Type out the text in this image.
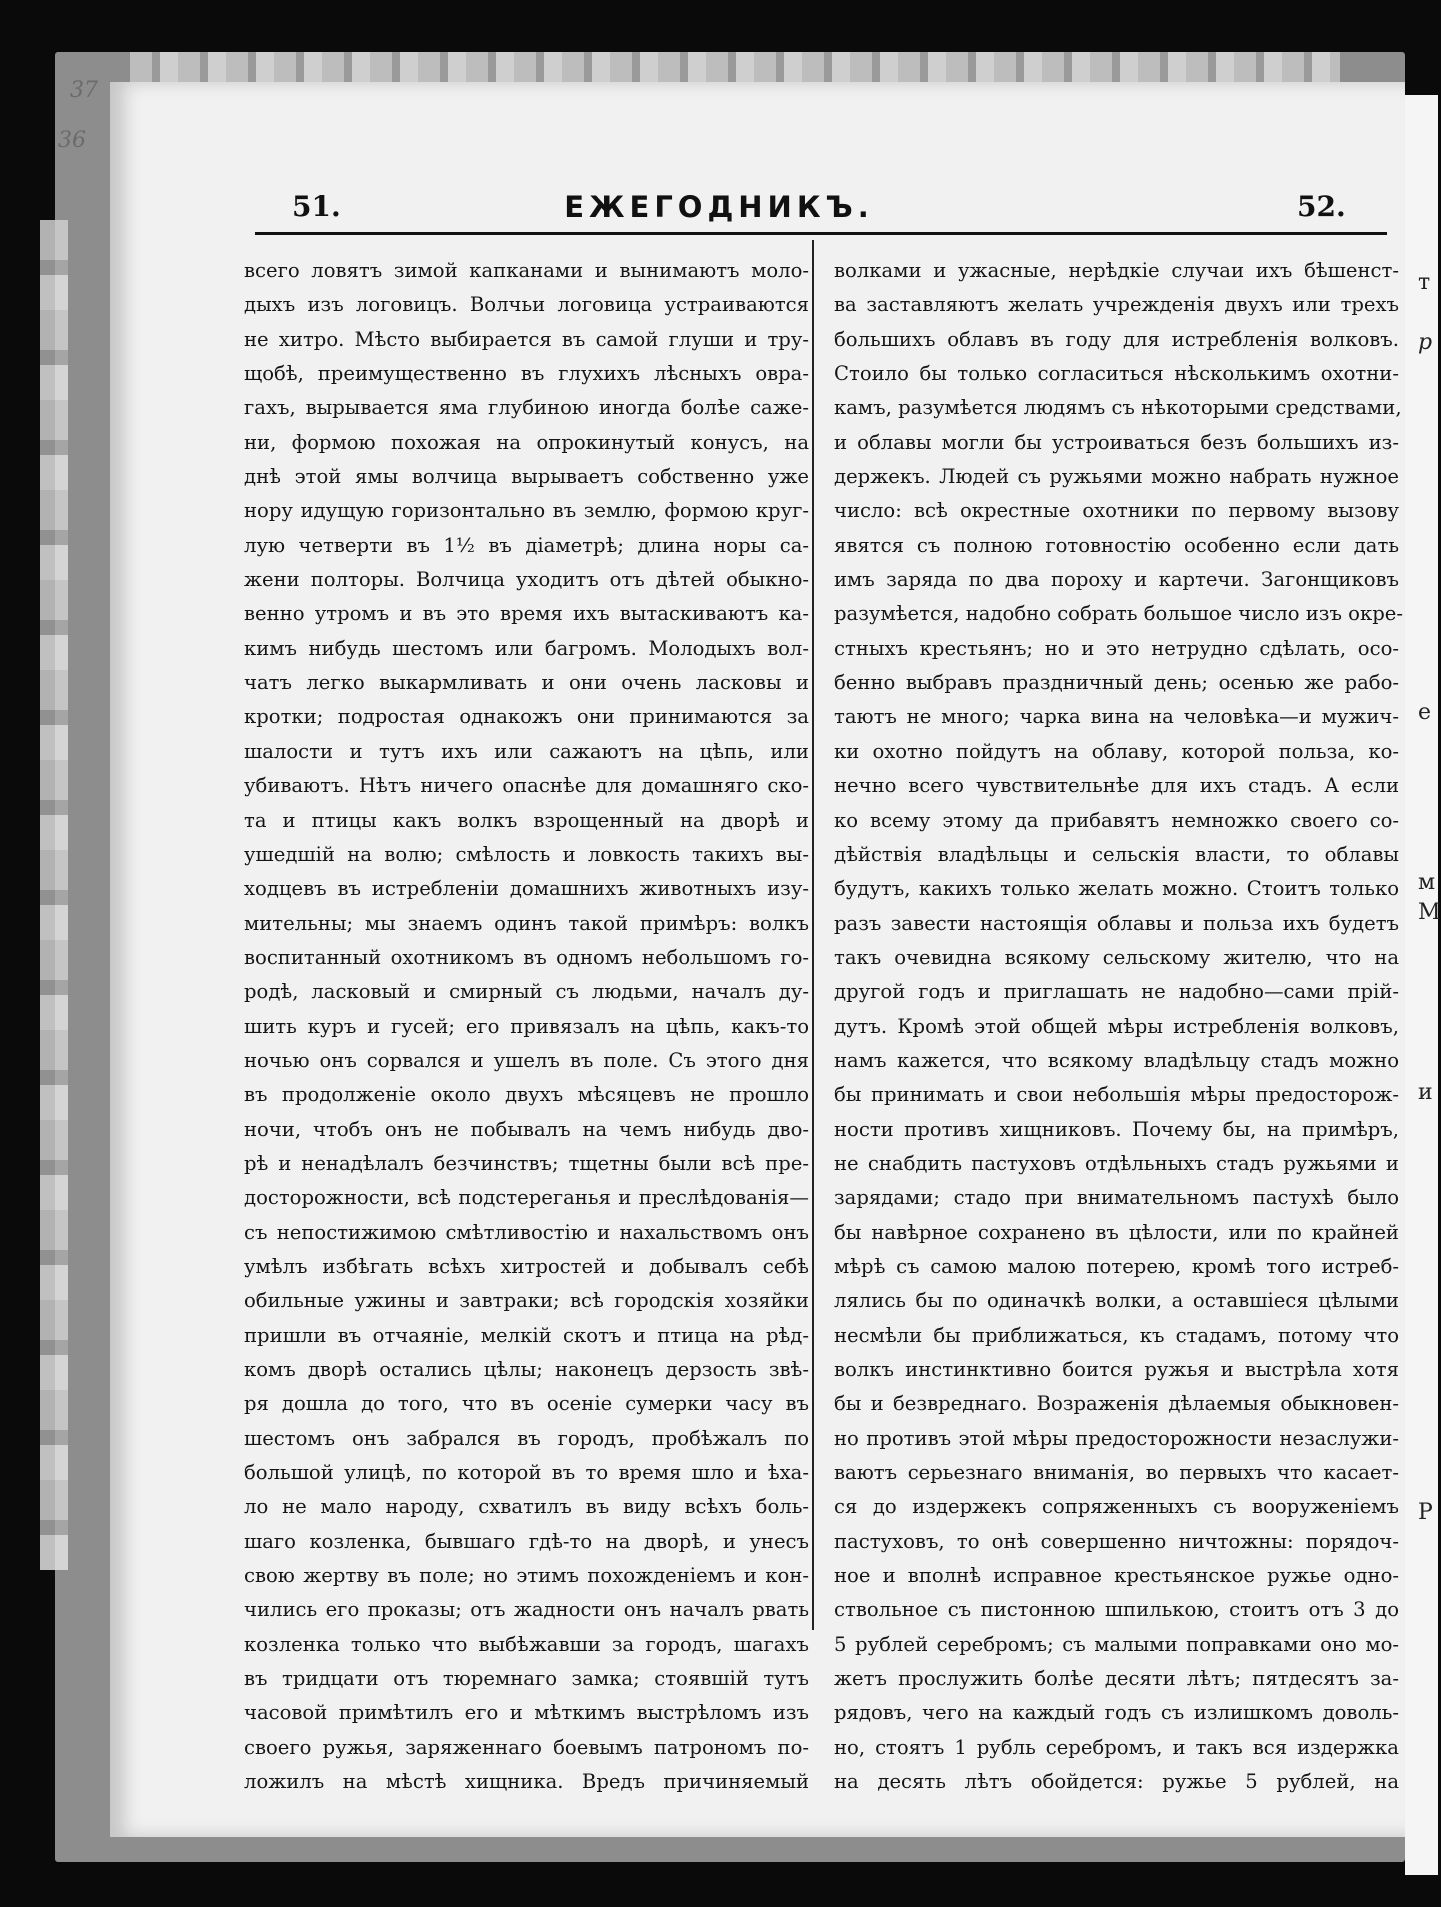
т
р
е
м
М
и
Р
37
36
51.	ЕЖЕГОДНИКЪ.	52.
всего ловятъ зимой капканами и вынимаютъ моло-
дыхъ изъ логовицъ. Волчьи логовица устраиваются
не хитро. Мѣсто выбирается въ самой глуши и тру-
щобѣ, преимущественно въ глухихъ лѣсныхъ овра-
гахъ, вырывается яма глубиною иногда болѣе саже-
ни, формою похожая на опрокинутый конусъ, на
днѣ этой ямы волчица вырываетъ собственно уже
нору идущую горизонтально въ землю, формою круг-
лую четверти въ 1½ въ діаметрѣ; длина норы са-
жени полторы. Волчица уходитъ отъ дѣтей обыкно-
венно утромъ и въ это время ихъ вытаскиваютъ ка-
кимъ нибудь шестомъ или багромъ. Молодыхъ вол-
чатъ легко выкармливать и они очень ласковы и
кротки; подростая однакожъ они принимаются за
шалости и тутъ ихъ или сажаютъ на цѣпь, или
убиваютъ. Нѣтъ ничего опаснѣе для домашняго ско-
та и птицы какъ волкъ взрощенный на дворѣ и
ушедшій на волю; смѣлость и ловкость такихъ вы-
ходцевъ въ истребленіи домашнихъ животныхъ изу-
мительны; мы знаемъ одинъ такой примѣръ: волкъ
воспитанный охотникомъ въ одномъ небольшомъ го-
родѣ, ласковый и смирный съ людьми, началъ ду-
шить куръ и гусей; его привязалъ на цѣпь, какъ-то
ночью онъ сорвался и ушелъ въ поле. Съ этого дня
въ продолженіе около двухъ мѣсяцевъ не прошло
ночи, чтобъ онъ не побывалъ на чемъ нибудь дво-
рѣ и ненадѣлалъ безчинствъ; тщетны были всѣ пре-
досторожности, всѣ подстереганья и преслѣдованія—
съ непостижимою смѣтливостію и нахальствомъ онъ
умѣлъ избѣгать всѣхъ хитростей и добывалъ себѣ
обильные ужины и завтраки; всѣ городскія хозяйки
пришли въ отчаяніе, мелкій скотъ и птица на рѣд-
комъ дворѣ остались цѣлы; наконецъ дерзость звѣ-
ря дошла до того, что въ осеніе сумерки часу въ
шестомъ онъ забрался въ городъ, пробѣжалъ по
большой улицѣ, по которой въ то время шло и ѣха-
ло не мало народу, схватилъ въ виду всѣхъ боль-
шаго козленка, бывшаго гдѣ-то на дворѣ, и унесъ
свою жертву въ поле; но этимъ похожденіемъ и кон-
чились его проказы; отъ жадности онъ началъ рвать
козленка только что выбѣжавши за городъ, шагахъ
въ тридцати отъ тюремнаго замка; стоявшій тутъ
часовой примѣтилъ его и мѣткимъ выстрѣломъ изъ
своего ружья, заряженнаго боевымъ патрономъ по-
ложилъ на мѣстѣ хищника. Вредъ причиняемый
волками и ужасные, нерѣдкіе случаи ихъ бѣшенст-
ва заставляютъ желать учрежденія двухъ или трехъ
большихъ облавъ въ году для истребленія волковъ.
Стоило бы только согласиться нѣсколькимъ охотни-
камъ, разумѣется людямъ съ нѣкоторыми средствами,
и облавы могли бы устроиваться безъ большихъ из-
держекъ. Людей съ ружьями можно набрать нужное
число: всѣ окрестные охотники по первому вызову
явятся съ полною готовностію особенно если дать
имъ заряда по два пороху и картечи. Загонщиковъ
разумѣется, надобно собрать большое число изъ окре-
стныхъ крестьянъ; но и это нетрудно сдѣлать, осо-
бенно выбравъ праздничный день; осенью же рабо-
таютъ не много; чарка вина на человѣка—и мужич-
ки охотно пойдутъ на облаву, которой польза, ко-
нечно всего чувствительнѣе для ихъ стадъ. А если
ко всему этому да прибавятъ немножко своего со-
дѣйствія владѣльцы и сельскія власти, то облавы
будутъ, какихъ только желать можно. Стоитъ только
разъ завести настоящія облавы и польза ихъ будетъ
такъ очевидна всякому сельскому жителю, что на
другой годъ и приглашать не надобно—сами прій-
дутъ. Кромѣ этой общей мѣры истребленія волковъ,
намъ кажется, что всякому владѣльцу стадъ можно
бы принимать и свои небольшія мѣры предосторож-
ности противъ хищниковъ. Почему бы, на примѣръ,
не снабдить пастуховъ отдѣльныхъ стадъ ружьями и
зарядами; стадо при внимательномъ пастухѣ было
бы навѣрное сохранено въ цѣлости, или по крайней
мѣрѣ съ самою малою потерею, кромѣ того истреб-
лялись бы по одиначкѣ волки, а оставшіеся цѣлыми
несмѣли бы приближаться, къ стадамъ, потому что
волкъ инстинктивно боится ружья и выстрѣла хотя
бы и безвреднаго. Возраженія дѣлаемыя обыкновен-
но противъ этой мѣры предосторожности незаслужи-
ваютъ серьезнаго вниманія, во первыхъ что касает-
ся до издержекъ сопряженныхъ съ вооруженіемъ
пастуховъ, то онѣ совершенно ничтожны: порядоч-
ное и вполнѣ исправное крестьянское ружье одно-
ствольное съ пистонною шпилькою, стоитъ отъ 3 до
5 рублей серебромъ; съ малыми поправками оно мо-
жетъ прослужить болѣе десяти лѣтъ; пятдесятъ за-
рядовъ, чего на каждый годъ съ излишкомъ доволь-
но, стоятъ 1 рубль серебромъ, и такъ вся издержка
на десять лѣтъ обойдется: ружье 5 рублей, на
